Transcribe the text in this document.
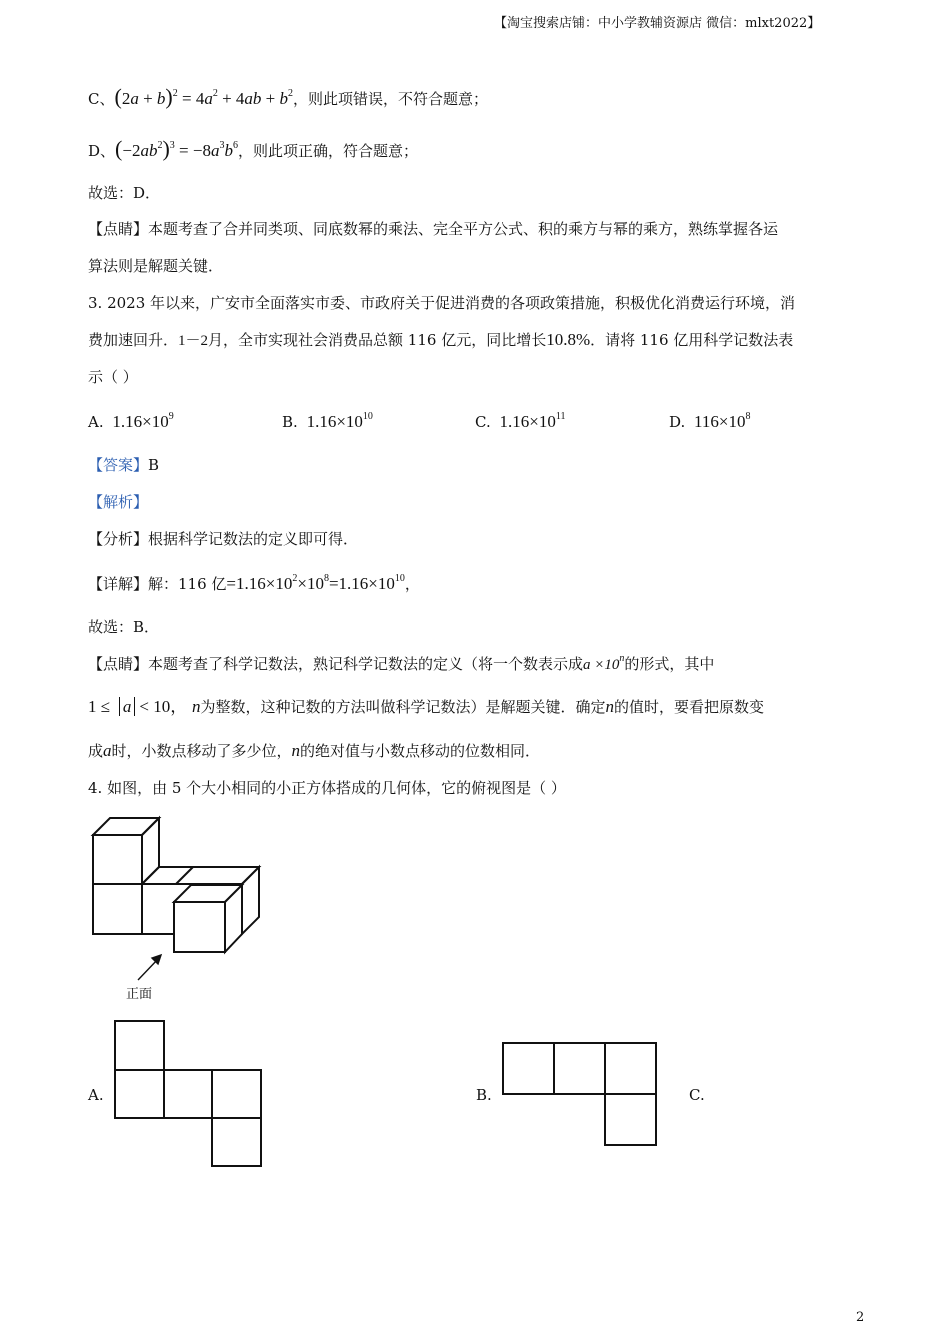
【淘宝搜索店铺：中小学教辅资源店 微信：mlxt2022】
C、$(2a + b)^2 = 4a^2 + 4ab + b^2$，则此项错误，不符合题意；
D、$(-2ab^2)^3 = -8a^3b^6$，则此项正确，符合题意；
故选：D．
【点睛】本题考查了合并同类项、同底数幂的乘法、完全平方公式、积的乘方与幂的乘方，熟练掌握各运
算法则是解题关键．
3. 2023 年以来，广安市全面落实市委、市政府关于促进消费的各项政策措施，积极优化消费运行环境，消
费加速回升．1－2月，全市实现社会消费品总额 116 亿元，同比增长10.8%．请将 116 亿用科学记数法表
示（ ）
A. $1.16\times 10^9$	B. $1.16\times 10^{10}$	C. $1.16\times 10^{11}$	D. $116\times 10^8$
【答案】B
【解析】
【分析】根据科学记数法的定义即可得．
【详解】解：116 亿$=1.16\times 10^2\times 10^8=1.16\times 10^{10}$，
故选：B．
【点睛】本题考查了科学记数法，熟记科学记数法的定义（将一个数表示成$a \times 10^n$的形式，其中
1 ≤ a < 10， n为整数，这种记数的方法叫做科学记数法）是解题关键．确定n的值时，要看把原数变
成a时，小数点移动了多少位，n的绝对值与小数点移动的位数相同．
4. 如图，由 5 个大小相同的小正方体搭成的几何体，它的俯视图是（ ）
正面
A.	B.	C.
2
